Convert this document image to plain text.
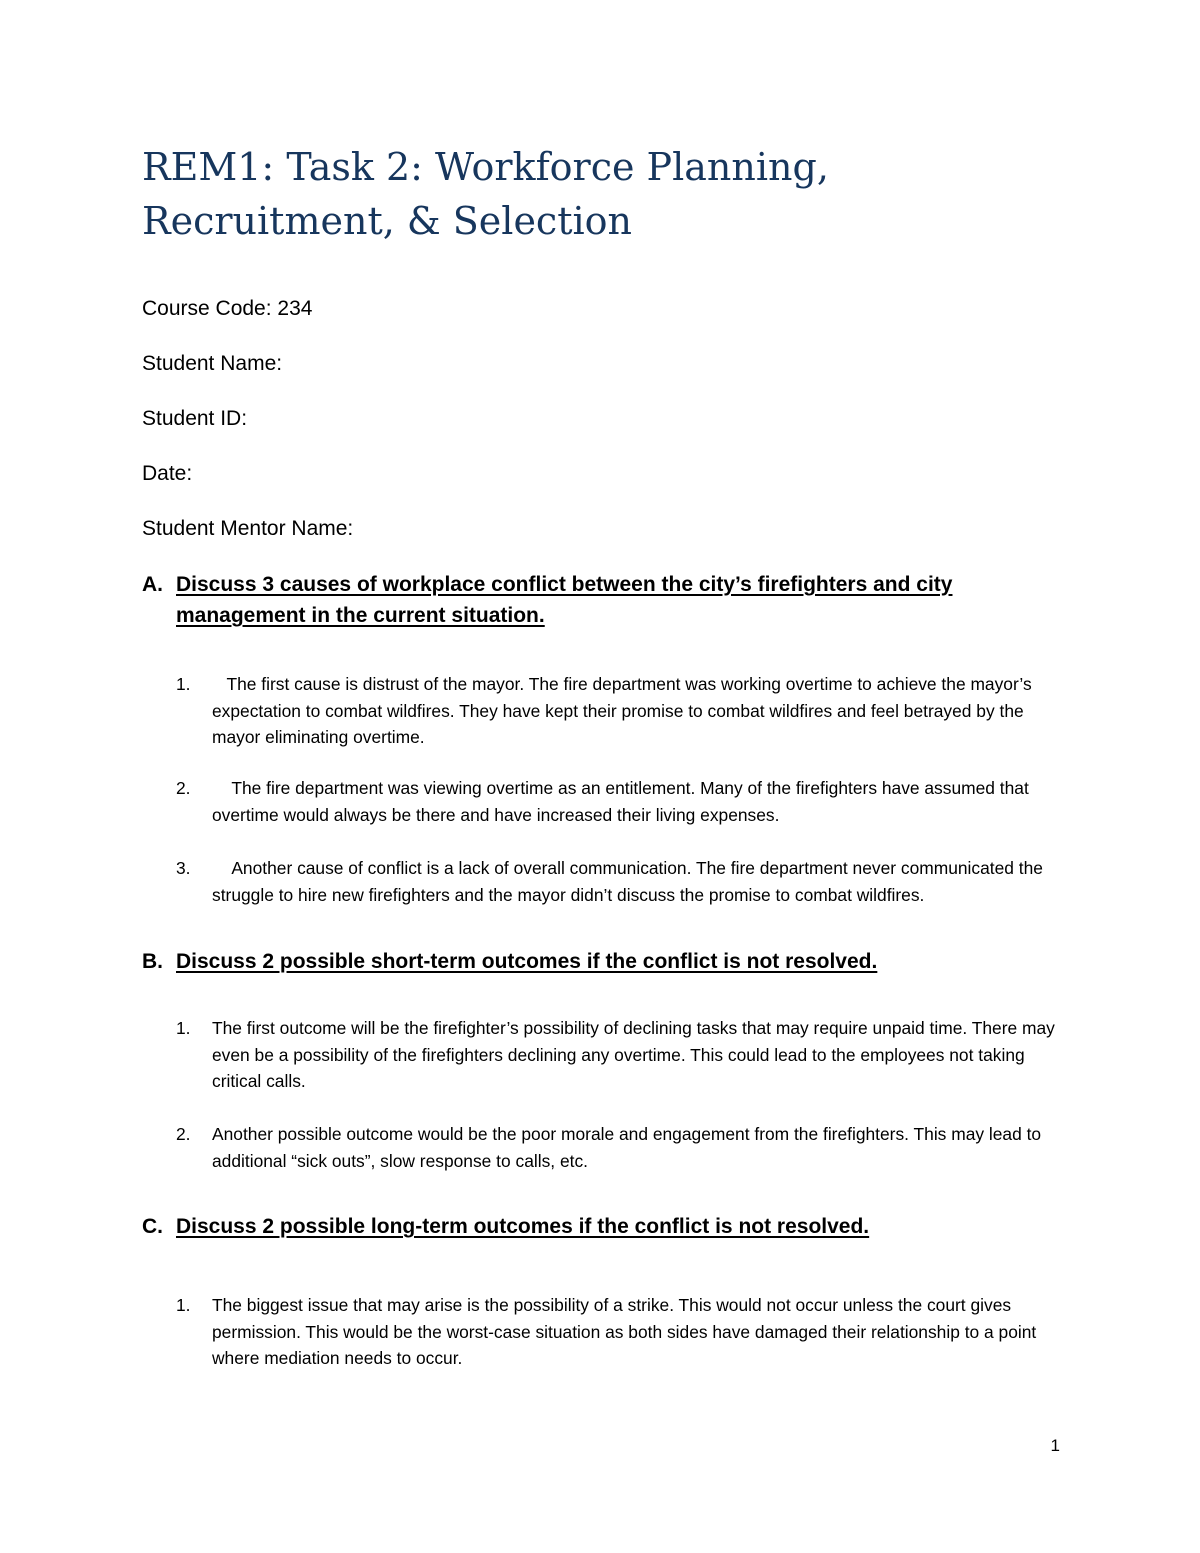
REM1: Task 2: Workforce Planning, Recruitment, & Selection

Course Code: 234

Student Name:

Student ID:

Date:

Student Mentor Name:

A. Discuss 3 causes of workplace conflict between the city’s firefighters and city management in the current situation.
1.	The first cause is distrust of the mayor. The fire department was working overtime to achieve the mayor’s expectation to combat wildfires. They have kept their promise to combat wildfires and feel betrayed by the mayor eliminating overtime.
2.	The fire department was viewing overtime as an entitlement. Many of the firefighters have assumed that overtime would always be there and have increased their living expenses.
3.	Another cause of conflict is a lack of overall communication. The fire department never communicated the struggle to hire new firefighters and the mayor didn’t discuss the promise to combat wildfires.
B. Discuss 2 possible short-term outcomes if the conflict is not resolved.
1.	The first outcome will be the firefighter’s possibility of declining tasks that may require unpaid time. There may even be a possibility of the firefighters declining any overtime. This could lead to the employees not taking critical calls.
2.	Another possible outcome would be the poor morale and engagement from the firefighters. This may lead to additional “sick outs”, slow response to calls, etc.
C. Discuss 2 possible long-term outcomes if the conflict is not resolved.
1.	The biggest issue that may arise is the possibility of a strike. This would not occur unless the court gives permission. This would be the worst-case situation as both sides have damaged their relationship to a point where mediation needs to occur.
1
